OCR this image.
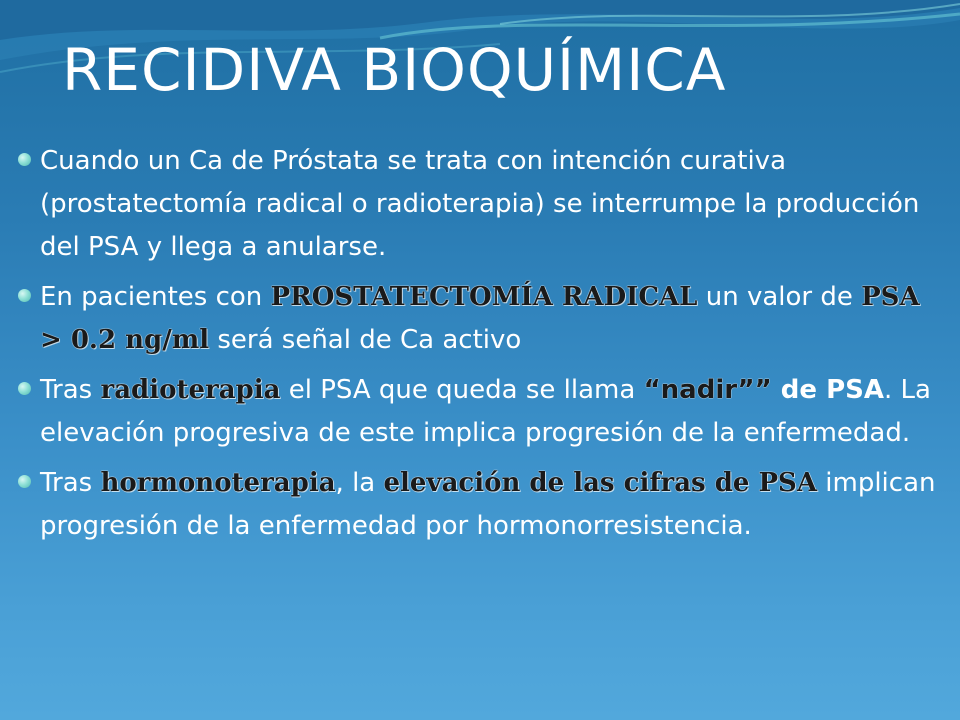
RECIDIVA BIOQUÍMICA
Cuando un Ca de Próstata se trata con intención curativa (prostatectomía radical o radioterapia) se interrumpe la producción del PSA y llega a anularse.
En pacientes con PROSTATECTOMÍA RADICAL un valor de PSA > 0.2 ng/ml será señal de Ca activo
Tras radioterapia el PSA que queda se llama “nadir”” de PSA. La elevación progresiva de este implica progresión de la enfermedad.
Tras hormonoterapia, la elevación de las cifras de PSA implican progresión de la enfermedad por hormonorresistencia.
